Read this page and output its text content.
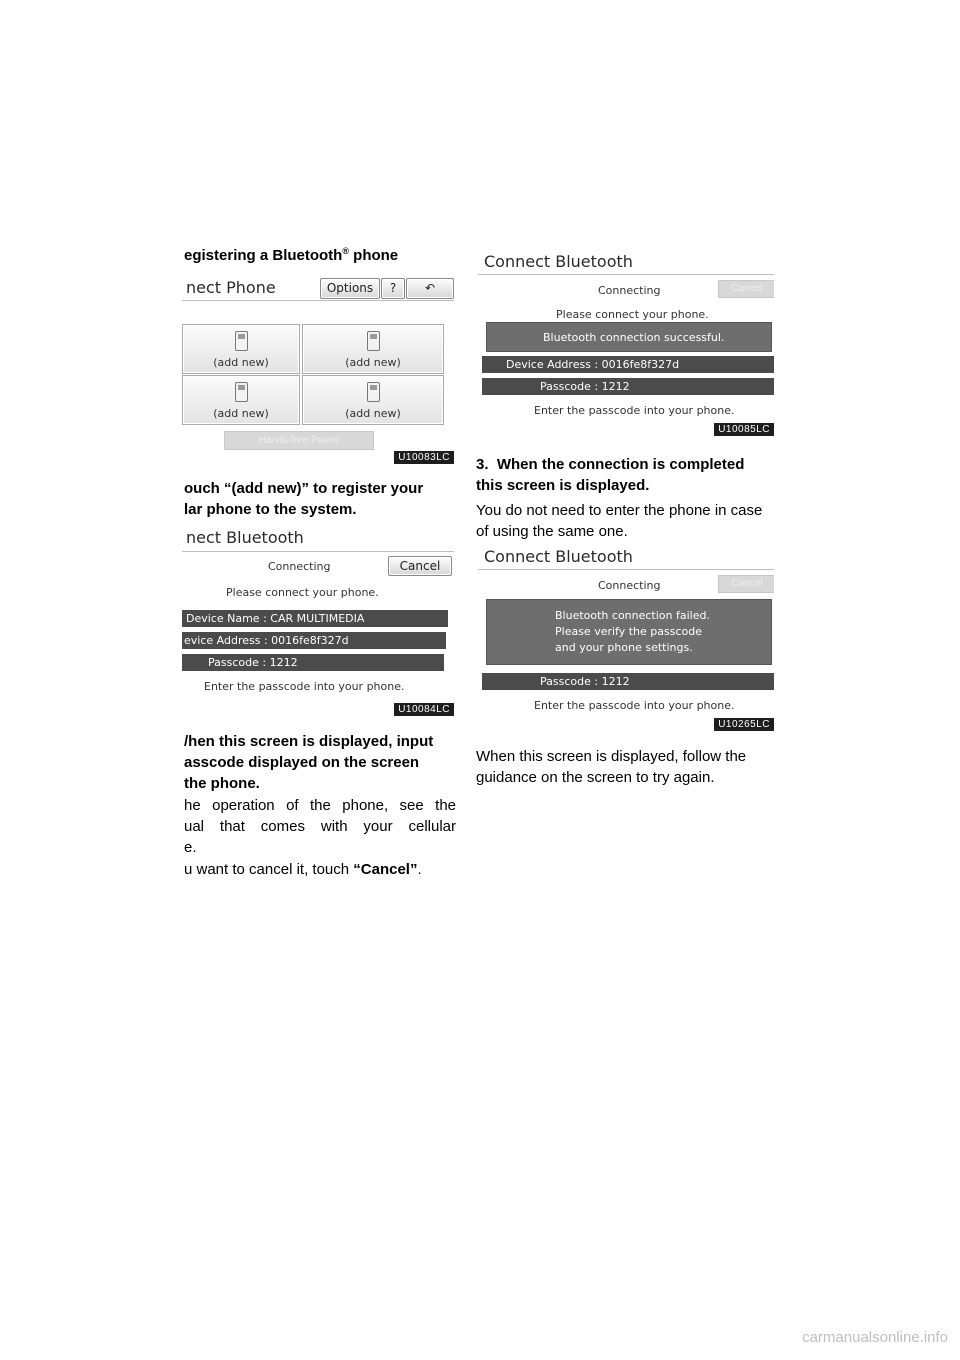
egistering a Bluetooth® phone
nect Phone	Options	?	↶
(add new)	(add new)
(add new)	(add new)
Hands-free Power
U10083LC
ouch “(add new)” to register your
lar phone to the system.
nect Bluetooth
Connecting	Cancel
Please connect your phone.
Device Name : CAR MULTIMEDIA
evice Address : 0016fe8f327d
Passcode : 1212
Enter the passcode into your phone.
U10084LC
/hen this screen is displayed, input
asscode displayed on the screen
the phone.
he operation of the phone, see the
ual that comes with your cellular
e.
u want to cancel it, touch “Cancel”.
Connect Bluetooth
Connecting	Cancel
Please connect your phone.
Bluetooth connection successful.
Device Address : 0016fe8f327d
Passcode : 1212
Enter the passcode into your phone.
U10085LC
3.  When the connection is completed
this screen is displayed.
You do not need to enter the phone in case
of using the same one.
Connect Bluetooth
Connecting	Cancel
Bluetooth connection failed.
Please verify the passcode
and your phone settings.
Passcode : 1212
Enter the passcode into your phone.
U10265LC
When this screen is displayed, follow the
guidance on the screen to try again.
carmanualsonline.info
